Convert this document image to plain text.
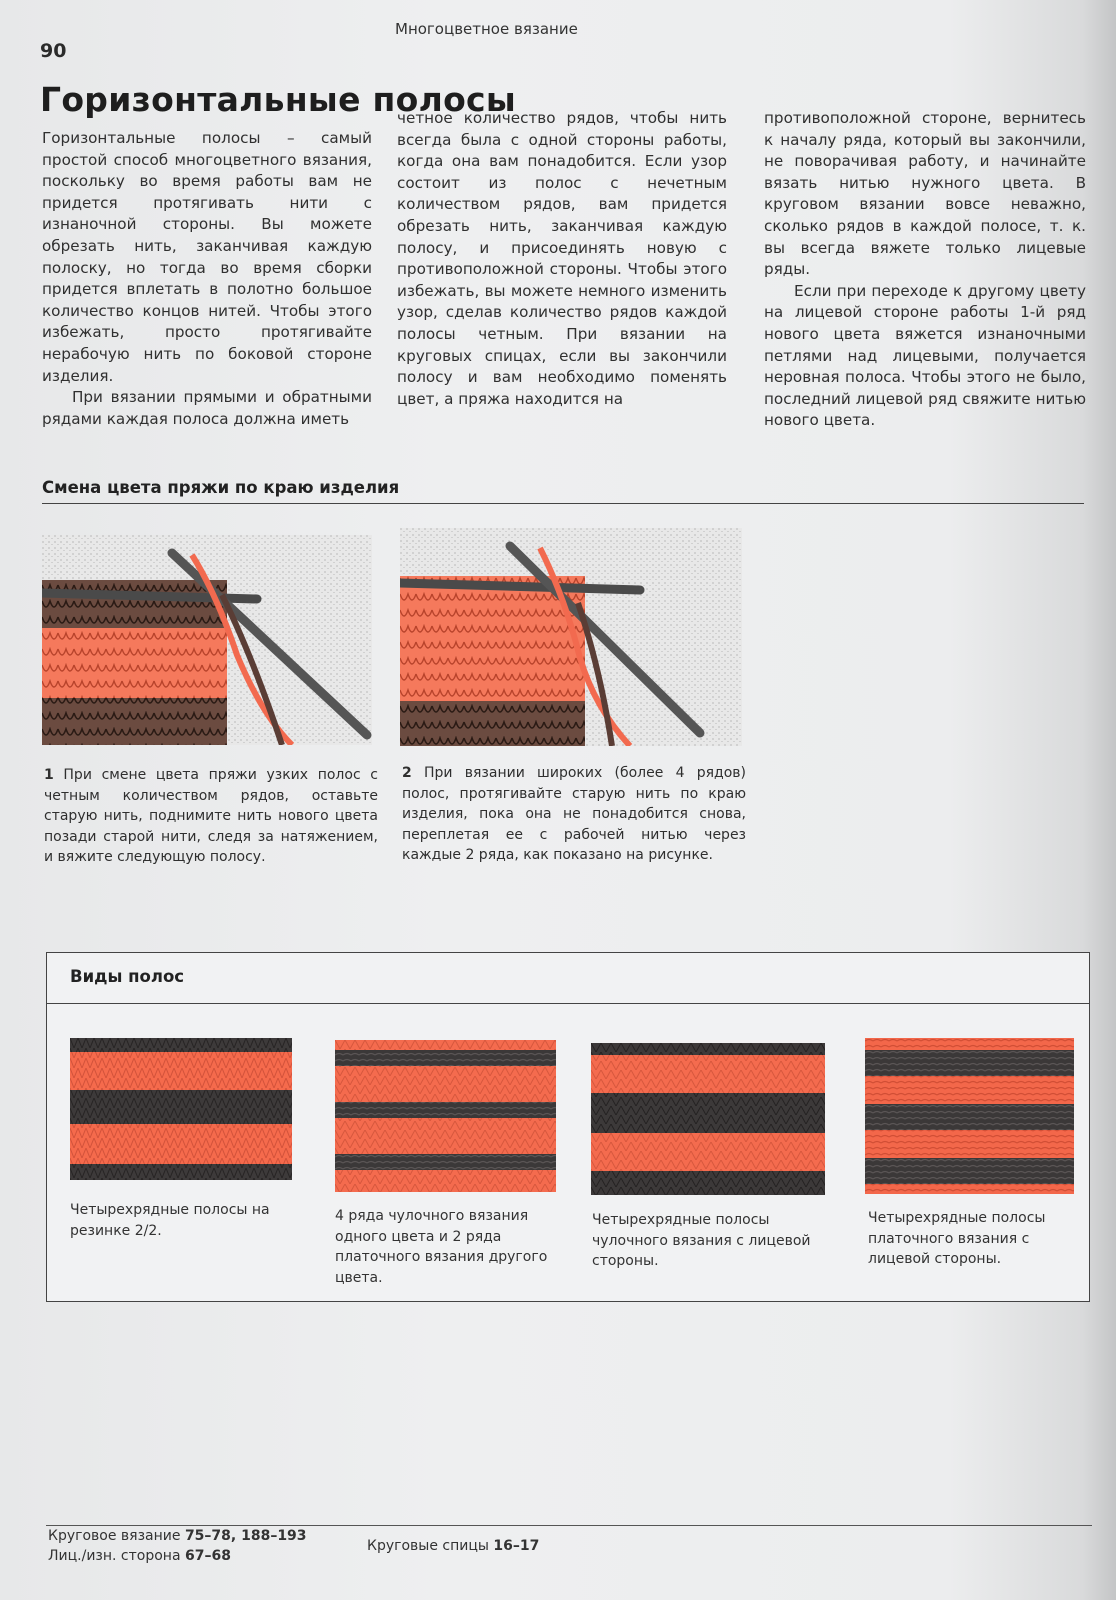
90
Многоцветное вязание
Горизонтальные полосы

Горизонтальные полосы – самый простой способ многоцветного вязания, поскольку во время работы вам не придется протягивать нити с изнаночной стороны. Вы можете обрезать нить, заканчивая каждую полоску, но тогда во время сборки придется вплетать в полотно большое количество концов нитей. Чтобы этого избежать, просто протягивайте нерабочую нить по боковой стороне изделия.

При вязании прямыми и обратными рядами каждая полоса должна иметь

четное количество рядов, чтобы нить всегда была с одной стороны работы, когда она вам понадобится. Если узор состоит из полос с нечетным количеством рядов, вам придется обрезать нить, заканчивая каждую полосу, и присоединять новую с противоположной стороны. Чтобы этого избежать, вы можете немного изменить узор, сделав количество рядов каждой полосы четным. При вязании на круговых спицах, если вы закончили полосу и вам необходимо поменять цвет, а пряжа находится на

противоположной стороне, вернитесь к началу ряда, который вы закончили, не поворачивая работу, и начинайте вязать нитью нужного цвета. В круговом вязании вовсе неважно, сколько рядов в каждой полосе, т. к. вы всегда вяжете только лицевые ряды.

Если при переходе к другому цвету на лицевой стороне работы 1-й ряд нового цвета вяжется изнаночными петлями над лицевыми, получается неровная полоса. Чтобы этого не было, последний лицевой ряд свяжите нитью нового цвета.

Смена цвета пряжи по краю изделия
1 При смене цвета пряжи узких полос с четным количеством рядов, оставьте старую нить, поднимите нить нового цвета позади старой нити, следя за натяжением, и вяжите следующую полосу.
2 При вязании широких (более 4 рядов) полос, протягивайте старую нить по краю изделия, пока она не понадобится снова, переплетая ее с рабочей нитью через каждые 2 ряда, как показано на рисунке.
Виды полос
Четырехрядные полосы на резинке 2/2.
4 ряда чулочного вязания одного цвета и 2 ряда платочного вязания другого цвета.
Четырехрядные полосы чулочного вязания с лицевой стороны.
Четырехрядные полосы платочного вязания с лицевой стороны.
Круговое вязание 75–78, 188–193
Лиц./изн. сторона 67–68
Круговые спицы 16–17
